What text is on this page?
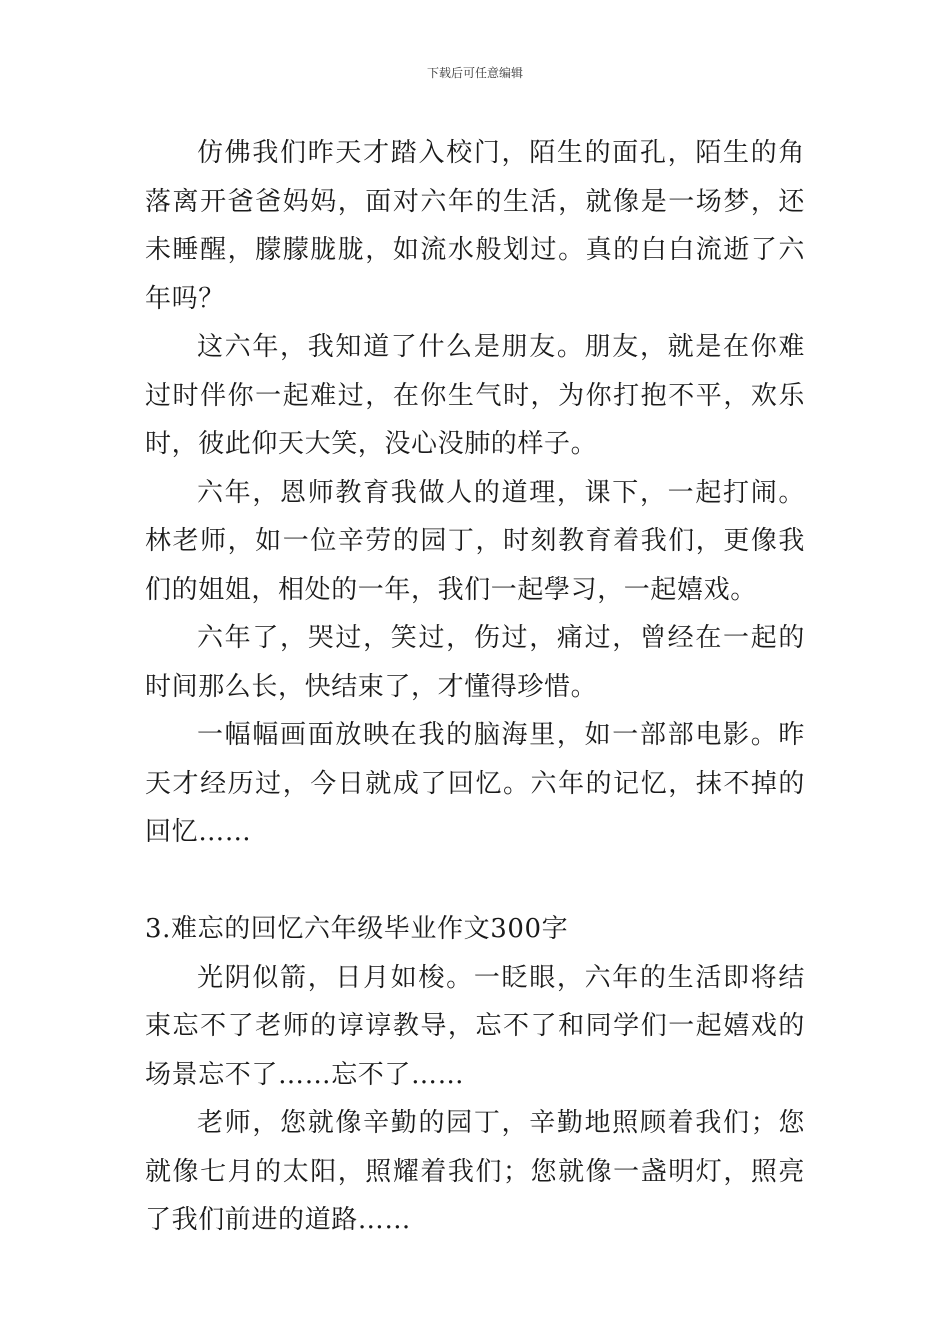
下载后可任意编辑

仿佛我们昨天才踏入校门，陌生的面孔，陌生的角落离开爸爸妈妈，面对六年的生活，就像是一场梦，还未睡醒，朦朦胧胧，如流水般划过。真的白白流逝了六年吗？

这六年，我知道了什么是朋友。朋友，就是在你难过时伴你一起难过，在你生气时，为你打抱不平，欢乐时，彼此仰天大笑，没心没肺的样子。

六年，恩师教育我做人的道理，课下，一起打闹。林老师，如一位辛劳的园丁，时刻教育着我们，更像我们的姐姐，相处的一年，我们一起學习，一起嬉戏。

六年了，哭过，笑过，伤过，痛过，曾经在一起的时间那么长，快结束了，才懂得珍惜。

一幅幅画面放映在我的脑海里，如一部部电影。昨天才经历过，今日就成了回忆。六年的记忆，抹不掉的回忆……

3.难忘的回忆六年级毕业作文300字

光阴似箭，日月如梭。一眨眼，六年的生活即将结束忘不了老师的谆谆教导，忘不了和同学们一起嬉戏的场景忘不了……忘不了……

老师，您就像辛勤的园丁，辛勤地照顾着我们；您就像七月的太阳，照耀着我们；您就像一盏明灯，照亮了我们前进的道路……
